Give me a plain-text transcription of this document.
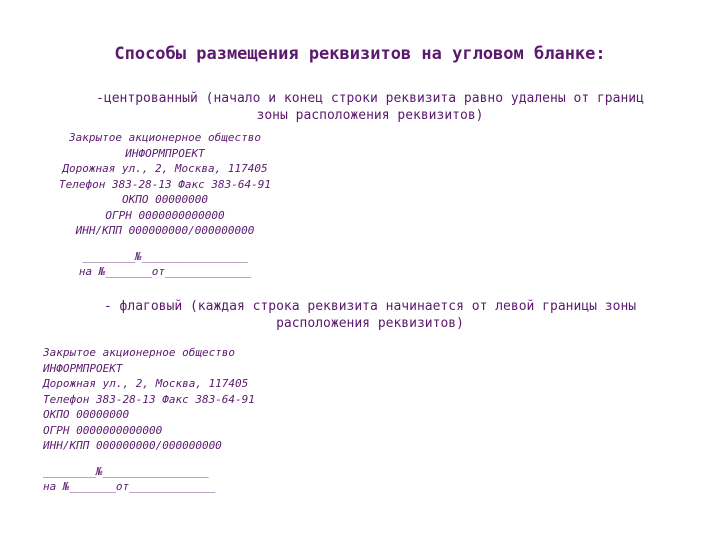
Способы размещения реквизитов на угловом бланке:
-центрованный (начало и конец строки реквизита равно удалены от границ
зоны расположения реквизитов)
Закрытое акционерное общество
ИНФОРМПРОЕКТ
Дорожная ул., 2, Москва, 117405
Телефон 383-28-13 Факс 383-64-91
ОКПО 00000000
ОГРН 0000000000000
ИНН/КПП 000000000/000000000
________№________________
на №_______от_____________
- флаговый (каждая строка реквизита начинается от левой границы зоны
расположения реквизитов)
Закрытое акционерное общество
ИНФОРМПРОЕКТ
Дорожная ул., 2, Москва, 117405
Телефон 383-28-13 Факс 383-64-91
ОКПО 00000000
ОГРН 0000000000000
ИНН/КПП 000000000/000000000
________№________________
на №_______от_____________
